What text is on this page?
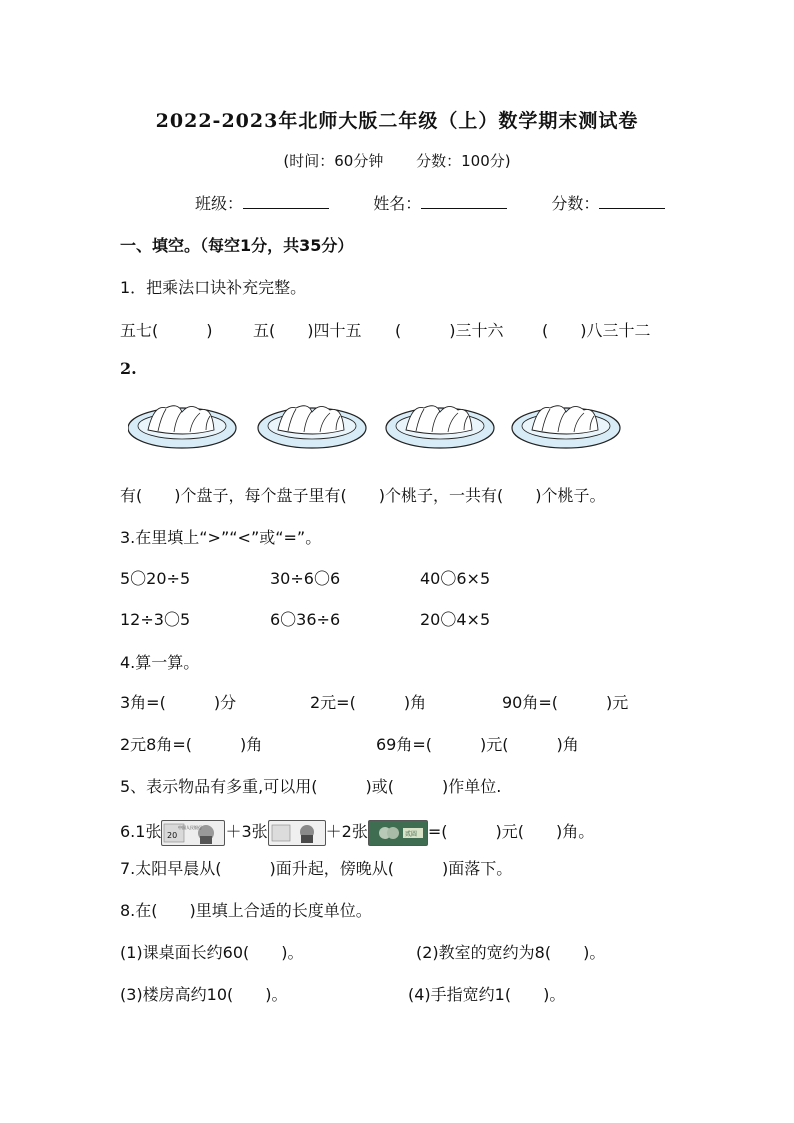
2022-2023年北师大版二年级（上）数学期末测试卷
(时间：60分钟 分数：100分)
班级：	姓名：	分数：
一、填空。（每空1分，共35分）
1．把乘法口诀补充完整。
五七(　　　)	五(　　)四十五 (　　　)三十六 (　　)八三十二
2.
有(　　)个盘子，每个盘子里有(　　)个桃子，一共有(　　)个桃子。
3.在里填上“>”“<”或“=”。
5〇20÷5	30÷6〇6	40〇6×5
12÷3〇5	6〇36÷6	20〇4×5
4.算一算。
3角=(　　　)分	2元=(　　　)角	90角=(　　　)元
2元8角=(　　　)角	69角=(　　　)元(　　　)角
5、表示物品有多重,可以用(　　　)或(　　　)作单位.
6.1张 20
中国人民银行 ＋3张	＋2张	贰圆 =(　　　)元(　　)角。
7.太阳早晨从(　　　)面升起，傍晚从(　　　)面落下。
8.在(　　)里填上合适的长度单位。
(1)课桌面长约60(　　)。	(2)教室的宽约为8(　　)。
(3)楼房高约10(　　)。	(4)手指宽约1(　　)。
